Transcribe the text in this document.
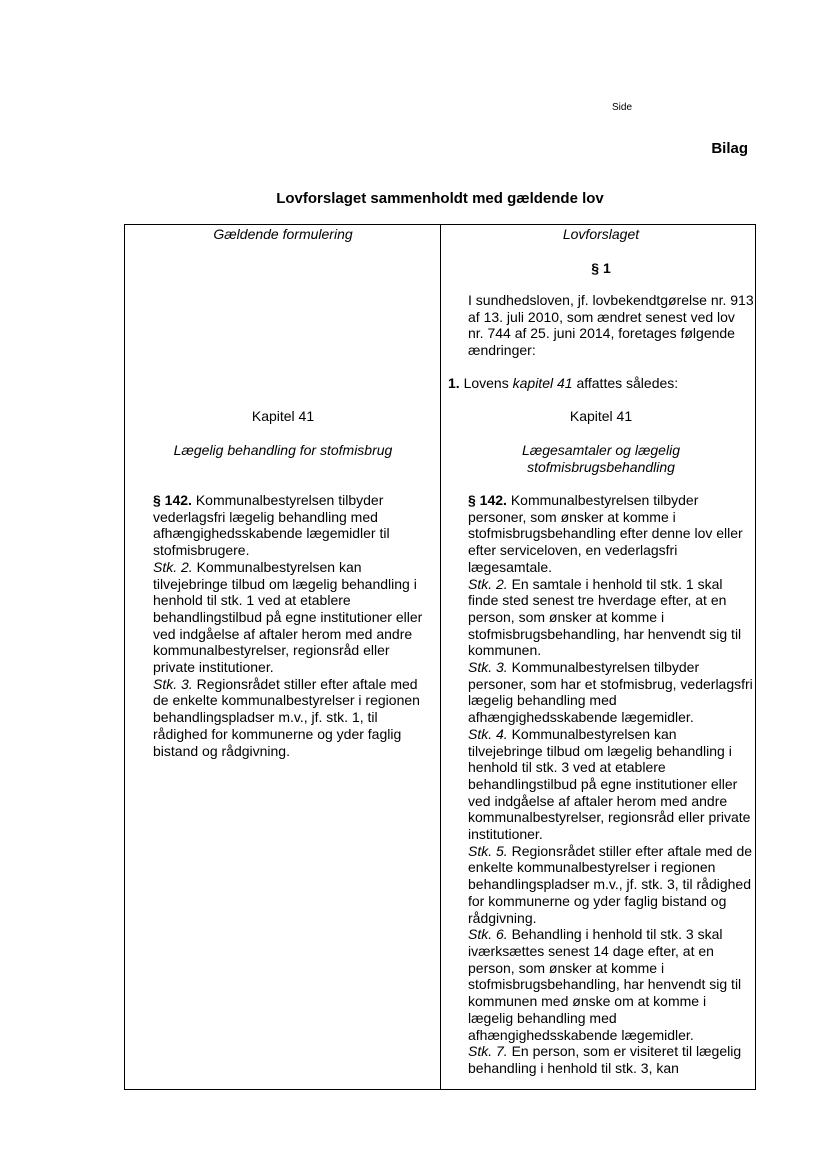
Side
Bilag
Lovforslaget sammenholdt med gældende lov
Gældende formulering
Kapitel 41
Lægelig behandling for stofmisbrug
§ 142. Kommunalbestyrelsen tilbyder vederlagsfri lægelig behandling med afhængighedsskabende lægemidler til stofmisbrugere.
Stk. 2. Kommunalbestyrelsen kan tilvejebringe tilbud om lægelig behandling i henhold til stk. 1 ved at etablere behandlingstilbud på egne institutioner eller ved indgåelse af aftaler herom med andre kommunalbestyrelser, regionsråd eller private institutioner.
Stk. 3. Regionsrådet stiller efter aftale med de enkelte kommunalbestyrelser i regionen behandlingspladser m.v., jf. stk. 1, til rådighed for kommunerne og yder faglig bistand og rådgivning.
Lovforslaget
§ 1
I sundhedsloven, jf. lovbekendtgørelse nr. 913 af 13. juli 2010, som ændret senest ved lov nr. 744 af 25. juni 2014, foretages følgende ændringer:
1. Lovens kapitel 41 affattes således:
Kapitel 41
Lægesamtaler og lægelig stofmisbrugsbehandling
§ 142. Kommunalbestyrelsen tilbyder personer, som ønsker at komme i stofmisbrugsbehandling efter denne lov eller efter serviceloven, en vederlagsfri lægesamtale.
Stk. 2. En samtale i henhold til stk. 1 skal finde sted senest tre hverdage efter, at en person, som ønsker at komme i stofmisbrugsbehandling, har henvendt sig til kommunen.
Stk. 3. Kommunalbestyrelsen tilbyder personer, som har et stofmisbrug, vederlagsfri lægelig behandling med afhængighedsskabende lægemidler.
Stk. 4. Kommunalbestyrelsen kan tilvejebringe tilbud om lægelig behandling i henhold til stk. 3 ved at etablere behandlingstilbud på egne institutioner eller ved indgåelse af aftaler herom med andre kommunalbestyrelser, regionsråd eller private institutioner.
Stk. 5. Regionsrådet stiller efter aftale med de enkelte kommunalbestyrelser i regionen behandlingspladser m.v., jf. stk. 3, til rådighed for kommunerne og yder faglig bistand og rådgivning.
Stk. 6. Behandling i henhold til stk. 3 skal iværksættes senest 14 dage efter, at en person, som ønsker at komme i stofmisbrugsbehandling, har henvendt sig til kommunen med ønske om at komme i lægelig behandling med afhængighedsskabende lægemidler.
Stk. 7. En person, som er visiteret til lægelig behandling i henhold til stk. 3, kan
